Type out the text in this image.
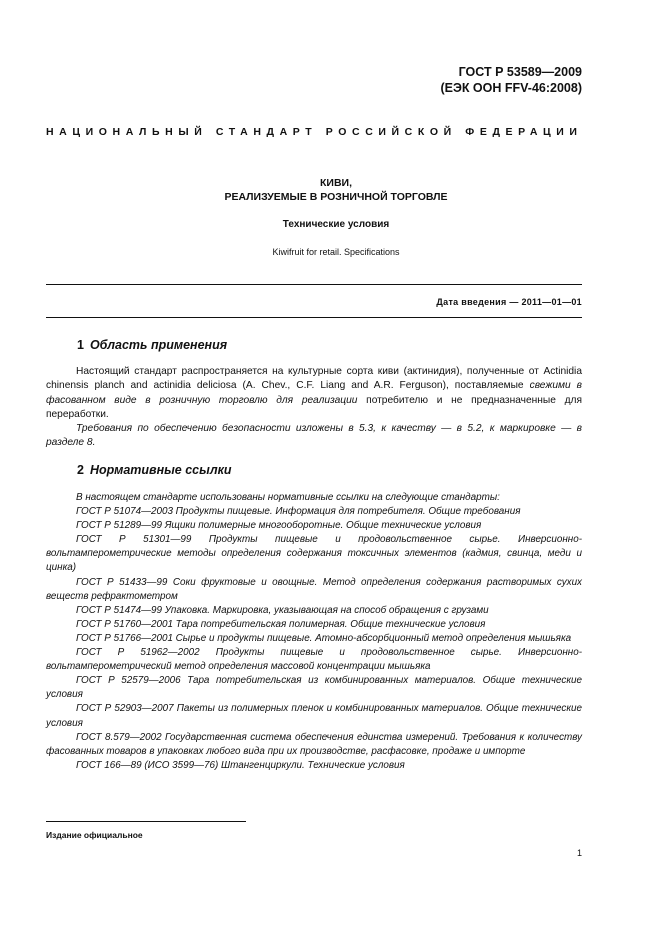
ГОСТ Р 53589—2009
(ЕЭК ООН FFV-46:2008)
НАЦИОНАЛЬНЫЙ СТАНДАРТ РОССИЙСКОЙ ФЕДЕРАЦИИ
КИВИ,
РЕАЛИЗУЕМЫЕ В РОЗНИЧНОЙ ТОРГОВЛЕ
Технические условия
Kiwifruit for retail. Specifications
Дата введения — 2011—01—01
1 Область применения
Настоящий стандарт распространяется на культурные сорта киви (актинидия), полученные от Actinidia chinensis planch and actinidia deliciosa (A. Chev., C.F. Liang and A.R. Ferguson), поставляемые свежими в фасованном виде в розничную торговлю для реализации потребителю и не предназначенные для переработки.
Требования по обеспечению безопасности изложены в 5.3, к качеству — в 5.2, к маркировке — в разделе 8.
2 Нормативные ссылки
В настоящем стандарте использованы нормативные ссылки на следующие стандарты:
ГОСТ Р 51074—2003 Продукты пищевые. Информация для потребителя. Общие требования
ГОСТ Р 51289—99 Ящики полимерные многооборотные. Общие технические условия
ГОСТ Р 51301—99 Продукты пищевые и продовольственное сырье. Инверсионно-вольтамперометрические методы определения содержания токсичных элементов (кадмия, свинца, меди и цинка)
ГОСТ Р 51433—99 Соки фруктовые и овощные. Метод определения содержания растворимых сухих веществ рефрактометром
ГОСТ Р 51474—99 Упаковка. Маркировка, указывающая на способ обращения с грузами
ГОСТ Р 51760—2001 Тара потребительская полимерная. Общие технические условия
ГОСТ Р 51766—2001 Сырье и продукты пищевые. Атомно-абсорбционный метод определения мышьяка
ГОСТ Р 51962—2002 Продукты пищевые и продовольственное сырье. Инверсионно-вольтамперометрический метод определения массовой концентрации мышьяка
ГОСТ Р 52579—2006 Тара потребительская из комбинированных материалов. Общие технические условия
ГОСТ Р 52903—2007 Пакеты из полимерных пленок и комбинированных материалов. Общие технические условия
ГОСТ 8.579—2002 Государственная система обеспечения единства измерений. Требования к количеству фасованных товаров в упаковках любого вида при их производстве, расфасовке, продаже и импорте
ГОСТ 166—89 (ИСО 3599—76) Штангенциркули. Технические условия
Издание официальное
1
